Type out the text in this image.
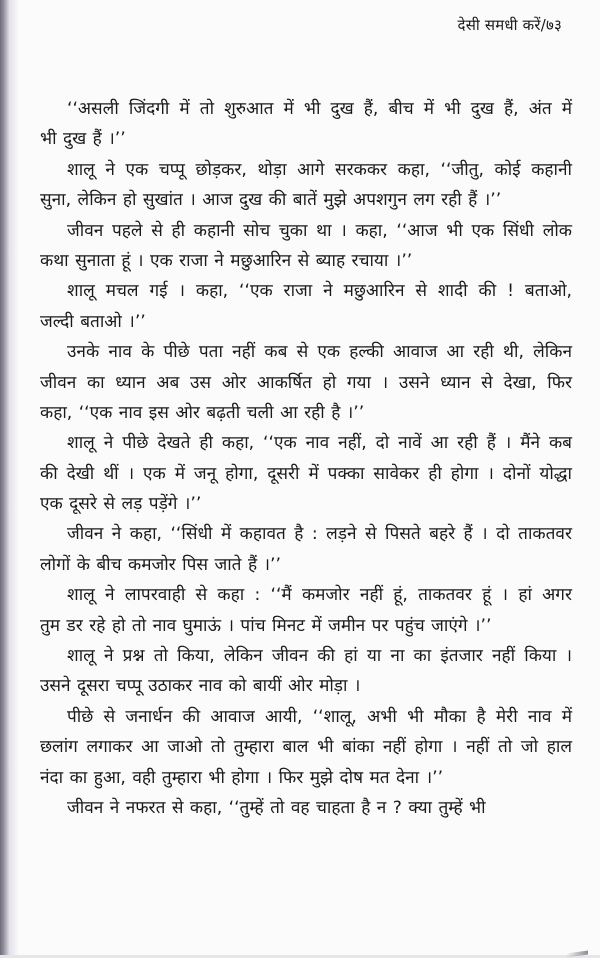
देसी समधी करें/७३
‘‘असली जिंदगी में तो शुरुआत में भी दुख हैं, बीच में भी दुख हैं, अंत में
भी दुख हैं ।’’
शालू ने एक चप्पू छोड़कर, थोड़ा आगे सरककर कहा, ‘‘जीतु, कोई कहानी
सुना, लेकिन हो सुखांत । आज दुख की बातें मुझे अपशगुन लग रही हैं ।’’
जीवन पहले से ही कहानी सोच चुका था । कहा, ‘‘आज भी एक सिंधी लोक
कथा सुनाता हूं । एक राजा ने मछुआरिन से ब्याह रचाया ।’’
शालू मचल गई । कहा, ‘‘एक राजा ने मछुआरिन से शादी की ! बताओ,
जल्दी बताओ ।’’
उनके नाव के पीछे पता नहीं कब से एक हल्की आवाज आ रही थी, लेकिन
जीवन का ध्यान अब उस ओर आकर्षित हो गया । उसने ध्यान से देखा, फिर
कहा, ‘‘एक नाव इस ओर बढ़ती चली आ रही है ।’’
शालू ने पीछे देखते ही कहा, ‘‘एक नाव नहीं, दो नावें आ रही हैं । मैंने कब
की देखी थीं । एक में जनू होगा, दूसरी में पक्का सावेकर ही होगा । दोनों योद्धा
एक दूसरे से लड़ पड़ेंगे ।’’
जीवन ने कहा, ‘‘सिंधी में कहावत है : लड़ने से पिसते बहरे हैं । दो ताकतवर
लोगों के बीच कमजोर पिस जाते हैं ।’’
शालू ने लापरवाही से कहा : ‘‘मैं कमजोर नहीं हूं, ताकतवर हूं । हां अगर
तुम डर रहे हो तो नाव घुमाऊं । पांच मिनट में जमीन पर पहुंच जाएंगे ।’’
शालू ने प्रश्न तो किया, लेकिन जीवन की हां या ना का इंतजार नहीं किया ।
उसने दूसरा चप्पू उठाकर नाव को बायीं ओर मोड़ा ।
पीछे से जनार्धन की आवाज आयी, ‘‘शालू, अभी भी मौका है मेरी नाव में
छलांग लगाकर आ जाओ तो तुम्हारा बाल भी बांका नहीं होगा । नहीं तो जो हाल
नंदा का हुआ, वही तुम्हारा भी होगा । फिर मुझे दोष मत देना ।’’
जीवन ने नफरत से कहा, ‘‘तुम्हें तो वह चाहता है न ? क्या तुम्हें भी
